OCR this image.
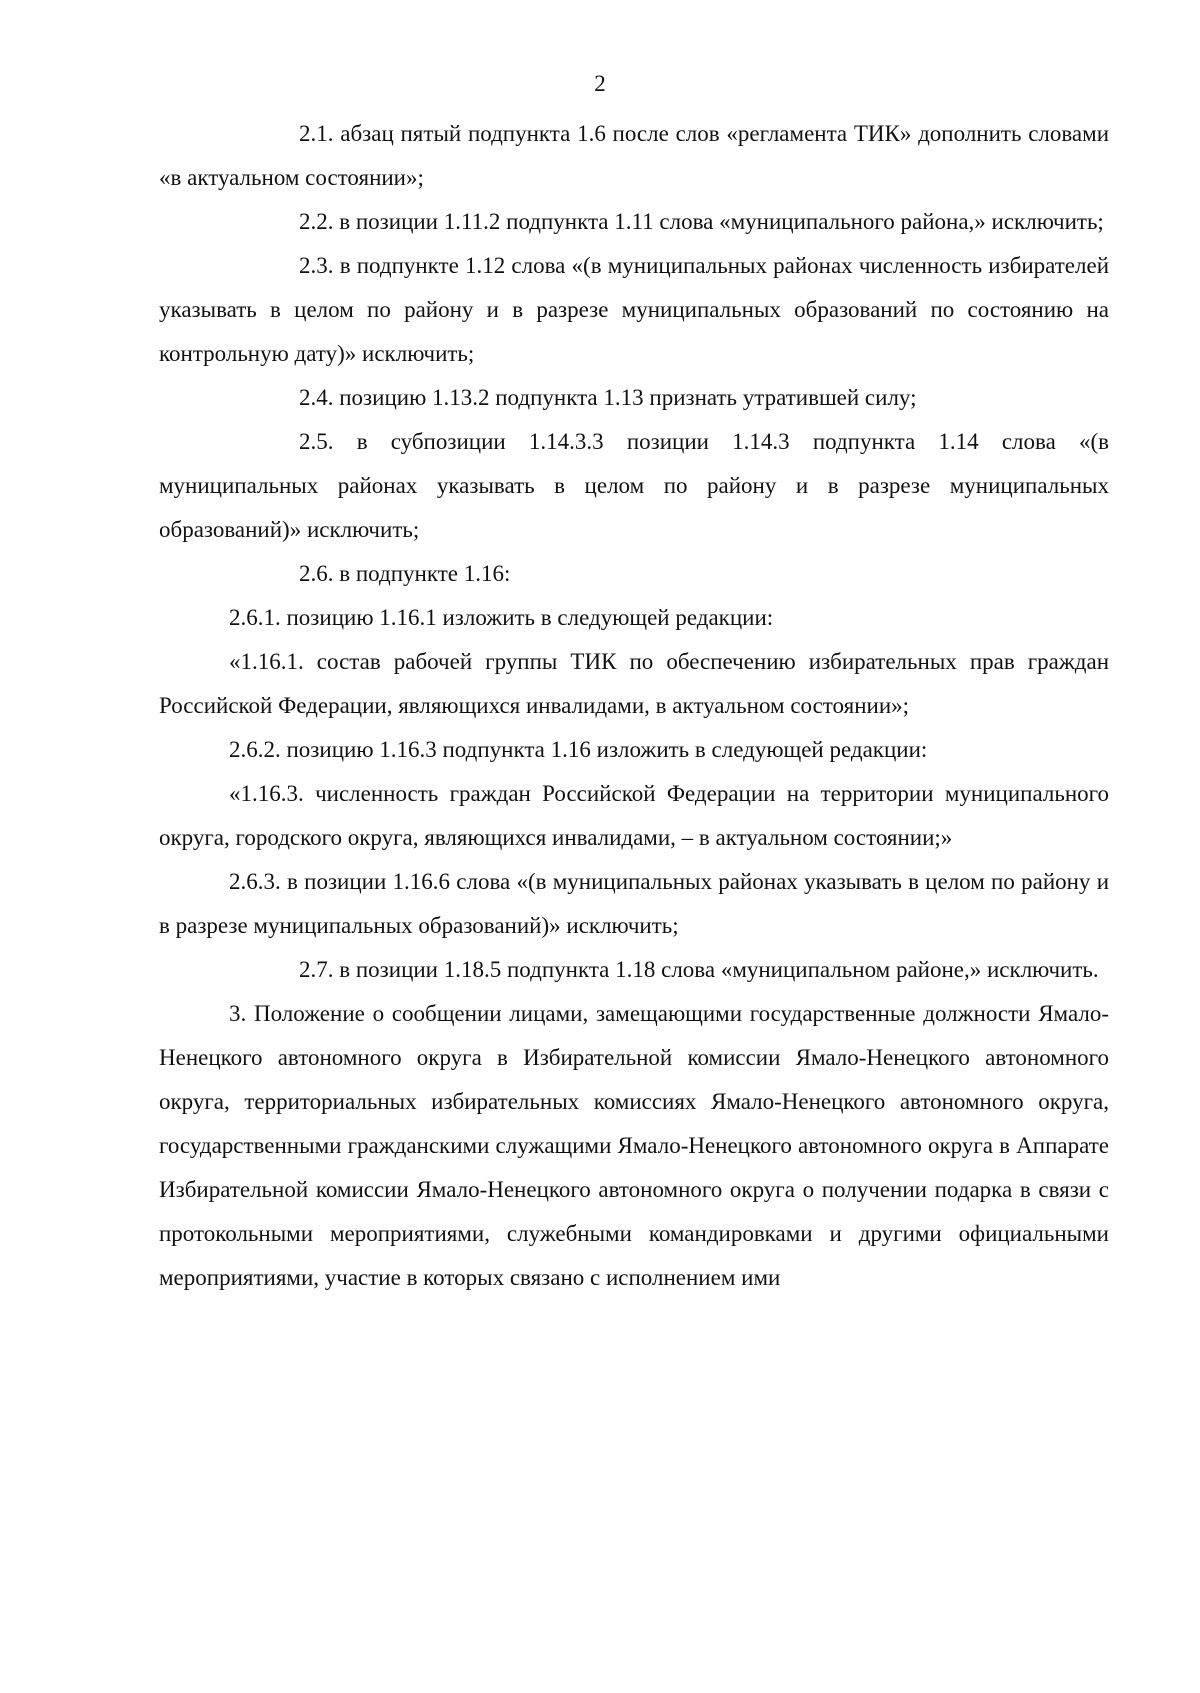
2

2.1. абзац пятый подпункта 1.6 после слов «регламента ТИК» дополнить словами «в актуальном состоянии»;

2.2. в позиции 1.11.2 подпункта 1.11 слова «муниципального района,» исключить;

2.3. в подпункте 1.12 слова «(в муниципальных районах численность избирателей указывать в целом по району и в разрезе муниципальных образований по состоянию на контрольную дату)» исключить;

2.4. позицию 1.13.2 подпункта 1.13 признать утратившей силу;

2.5. в субпозиции 1.14.3.3 позиции 1.14.3 подпункта 1.14 слова «(в муниципальных районах указывать в целом по району и в разрезе муниципальных образований)» исключить;

2.6. в подпункте 1.16:

2.6.1. позицию 1.16.1 изложить в следующей редакции:

«1.16.1. состав рабочей группы ТИК по обеспечению избирательных прав граждан Российской Федерации, являющихся инвалидами, в актуальном состоянии»;

2.6.2. позицию 1.16.3 подпункта 1.16 изложить в следующей редакции:

«1.16.3. численность граждан Российской Федерации на территории муниципального округа, городского округа, являющихся инвалидами, – в актуальном состоянии;»

2.6.3. в позиции 1.16.6 слова «(в муниципальных районах указывать в целом по району и в разрезе муниципальных образований)» исключить;

2.7. в позиции 1.18.5 подпункта 1.18 слова «муниципальном районе,» исключить.

3. Положение о сообщении лицами, замещающими государственные должности Ямало-Ненецкого автономного округа в Избирательной комиссии Ямало-Ненецкого автономного округа, территориальных избирательных комиссиях Ямало-Ненецкого автономного округа, государственными гражданскими служащими Ямало-Ненецкого автономного округа в Аппарате Избирательной комиссии Ямало-Ненецкого автономного округа о получении подарка в связи с протокольными мероприятиями, служебными командировками и другими официальными мероприятиями, участие в которых связано с исполнением ими
